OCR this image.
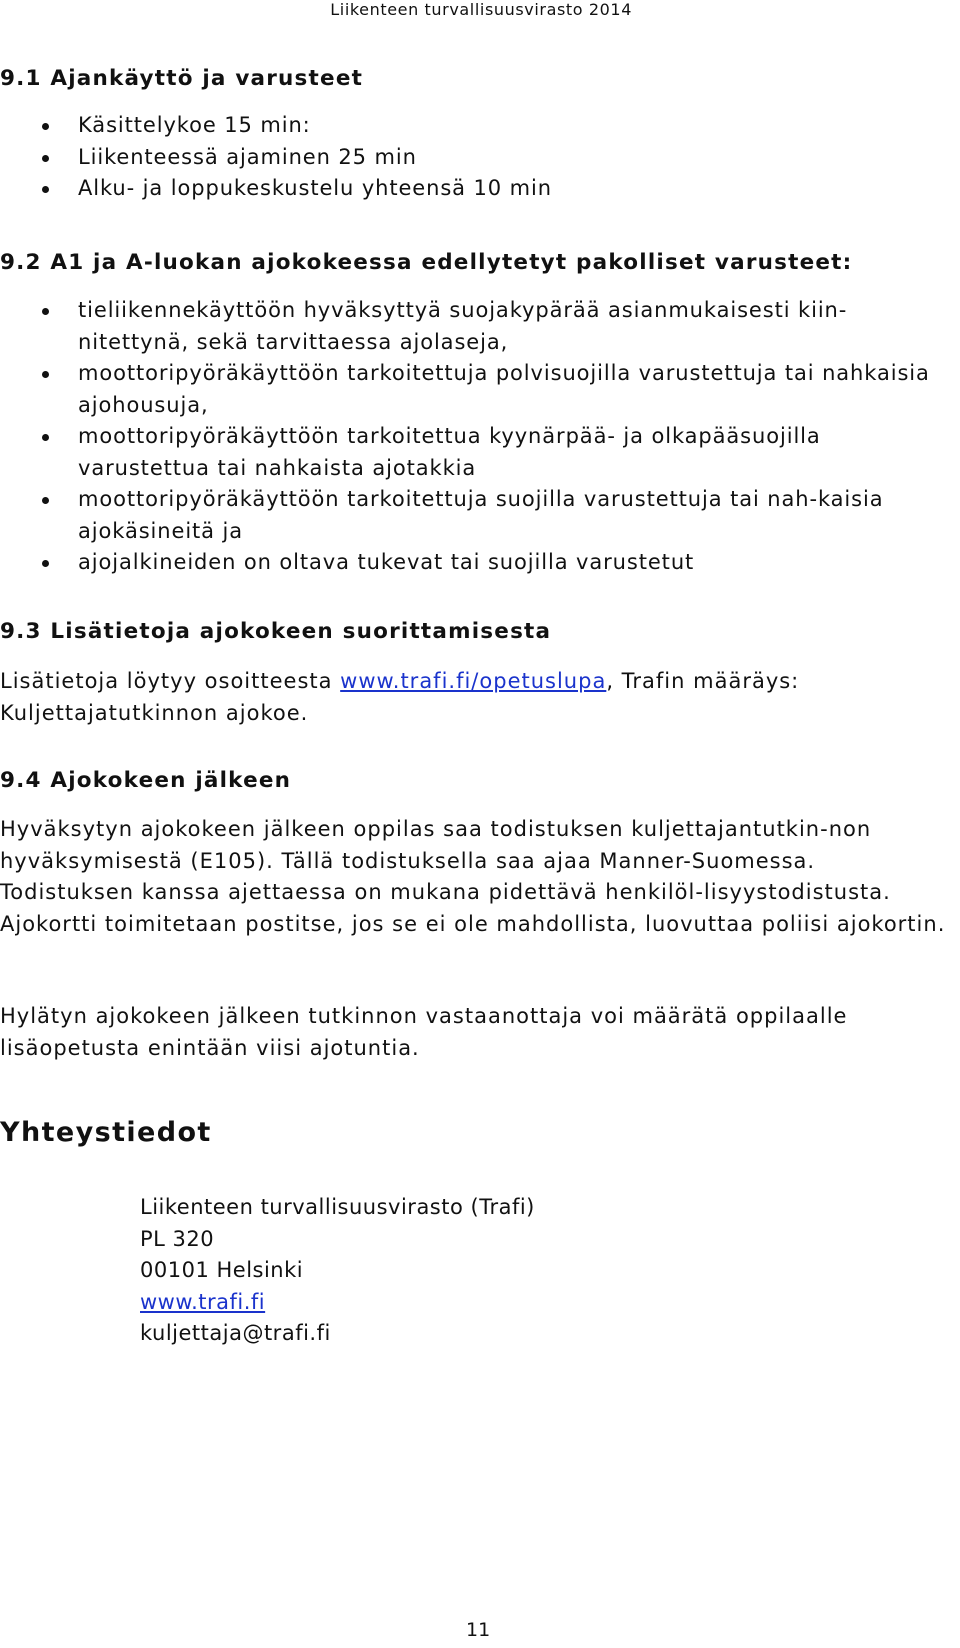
Liikenteen turvallisuusvirasto 2014
9.1 Ajankäyttö ja varusteet
Käsittelykoe 15 min:
Liikenteessä ajaminen 25 min
Alku- ja loppukeskustelu yhteensä 10 min
9.2 A1 ja A-luokan ajokokeessa edellytetyt pakolliset varusteet:
tieliikennekäyttöön hyväksyttyä suojakypärää asianmukaisesti kiin-nitettynä, sekä tarvittaessa ajolaseja,
moottoripyöräkäyttöön tarkoitettuja polvisuojilla varustettuja tai nahkaisia ajohousuja,
moottoripyöräkäyttöön tarkoitettua kyynärpää- ja olkapääsuojilla varustettua tai nahkaista ajotakkia
moottoripyöräkäyttöön tarkoitettuja suojilla varustettuja tai nah-kaisia ajokäsineitä ja
ajojalkineiden on oltava tukevat tai suojilla varustetut
9.3 Lisätietoja ajokokeen suorittamisesta

Lisätietoja löytyy osoitteesta www.trafi.fi/opetuslupa, Trafin määräys: Kuljettajatutkinnon ajokoe.

9.4 Ajokokeen jälkeen

Hyväksytyn ajokokeen jälkeen oppilas saa todistuksen kuljettajantutkin-non hyväksymisestä (E105). Tällä todistuksella saa ajaa Manner-Suomessa. Todistuksen kanssa ajettaessa on mukana pidettävä henkilöl-lisyystodistusta. Ajokortti toimitetaan postitse, jos se ei ole mahdollista, luovuttaa poliisi ajokortin.

Hylätyn ajokokeen jälkeen tutkinnon vastaanottaja voi määrätä oppilaalle lisäopetusta enintään viisi ajotuntia.

Yhteystiedot
Liikenteen turvallisuusvirasto (Trafi)
PL 320
00101 Helsinki
www.trafi.fi
kuljettaja@trafi.fi
11
